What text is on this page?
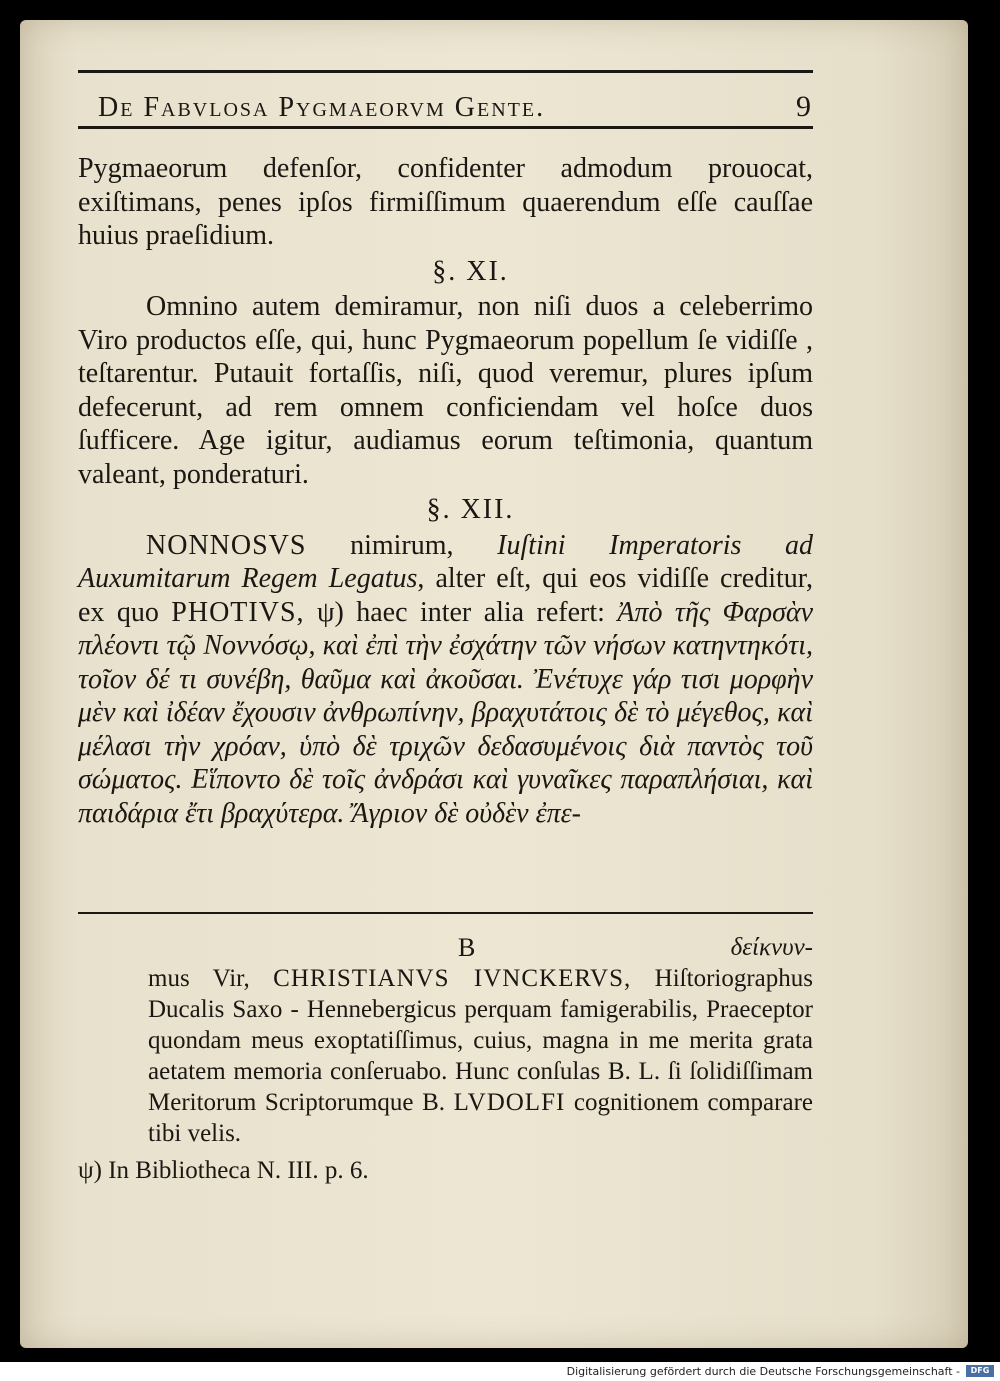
De Fabvlosa Pygmaeorvm Gente.	9

Pygmaeorum defenſor, confidenter admodum prouocat, exiſtimans, penes ipſos firmiſſimum quaerendum eſſe cauſſae huius praeſidium.

§. XI.

Omnino autem demiramur, non niſi duos a celeberrimo Viro productos eſſe, qui, hunc Pygmaeorum popellum ſe vidiſſe , teſtarentur. Putauit fortaſſis, niſi, quod veremur, plures ipſum defecerunt, ad rem omnem conficiendam vel hoſce duos ſufficere. Age igitur, audiamus eorum teſtimonia, quantum valeant, ponderaturi.

§. XII.

NONNOSVS nimirum, Iuſtini Imperatoris ad Auxumitarum Regem Legatus, alter eſt, qui eos vidiſſe creditur, ex quo PHOTIVS, ψ) haec inter alia refert: Ἀπὸ τῆς Φαρσὰν πλέοντι τῷ Νοννόσῳ, καὶ ἐπὶ τὴν ἐσχάτην τῶν νήσων κατηντηκότι, τοῖον δέ τι συνέβη, θαῦμα καὶ ἀκοῦσαι. Ἐνέτυχε γάρ τισι μορφὴν μὲν καὶ ἰδέαν ἔχουσιν ἀνθρωπίνην, βραχυτάτοις δὲ τὸ μέγεθος, καὶ μέλασι τὴν χρόαν, ὑπὸ δὲ τριχῶν δεδασυμένοις διὰ παντὸς τοῦ σώματος. Εἵποντο δὲ τοῖς ἀνδράσι καὶ γυναῖκες παραπλήσιαι, καὶ παιδάρια ἔτι βραχύτερα. Ἄγριον δὲ οὐδὲν ἐπε-

B	δείκνυν-

mus Vir, CHRISTIANVS IVNCKERVS, Hiſtoriographus Ducalis Saxo - Hennebergicus perquam famigerabilis, Praeceptor quondam meus exoptatiſſimus, cuius, magna in me merita grata aetatem memoria conſeruabo. Hunc conſulas B. L. ſi ſolidiſſimam Meritorum Scriptorumque B. LVDOLFI cognitionem comparare tibi velis.

ψ) In Bibliotheca N. III. p. 6.

Digitalisierung gefördert durch die Deutsche Forschungsgemeinschaft -	DFG
